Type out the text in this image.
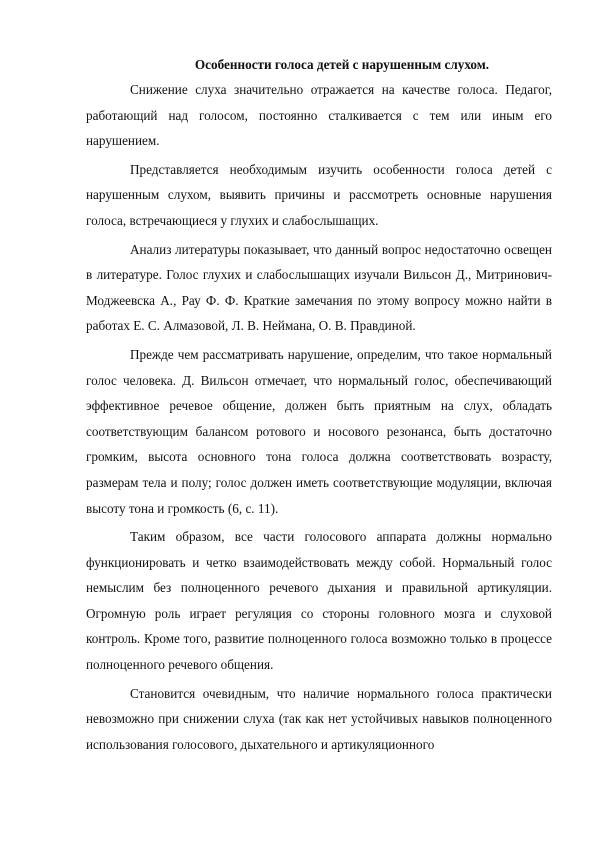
Особенности голоса детей с нарушенным слухом.

Снижение слуха значительно отражается на качестве голоса. Педагог, работающий над голосом, постоянно сталкивается с тем или иным его нарушением.

Представляется необходимым изучить особенности голоса детей с нарушенным слухом, выявить причины и рассмотреть основные нарушения голоса, встречающиеся у глухих и слабослышащих.

Анализ литературы показывает, что данный вопрос недостаточно освещен в литературе. Голос глухих и слабослышащих изучали Вильсон Д., Митринович-Моджеевска А., Рау Ф. Ф. Краткие замечания по этому вопросу можно найти в работах Е. С. Алмазовой, Л. В. Неймана, О. В. Правдиной.

Прежде чем рассматривать нарушение, определим, что такое нормальный голос человека. Д. Вильсон отмечает, что нормальный голос, обеспечивающий эффективное речевое общение, должен быть приятным на слух, обладать соответствующим балансом ротового и носового резонанса, быть достаточно громким, высота основного тона голоса должна соответствовать возрасту, размерам тела и полу; голос должен иметь соответствующие модуляции, включая высоту тона и громкость (6, с. 11).

Таким образом, все части голосового аппарата должны нормально функционировать и четко взаимодействовать между собой. Нормальный голос немыслим без полноценного речевого дыхания и правильной артикуляции. Огромную роль играет регуляция со стороны головного мозга и слуховой контроль. Кроме того, развитие полноценного голоса возможно только в процессе полноценного речевого общения.

Становится очевидным, что наличие нормального голоса практически невозможно при снижении слуха (так как нет устойчивых навыков полноценного использования голосового, дыхательного и артикуляционного
